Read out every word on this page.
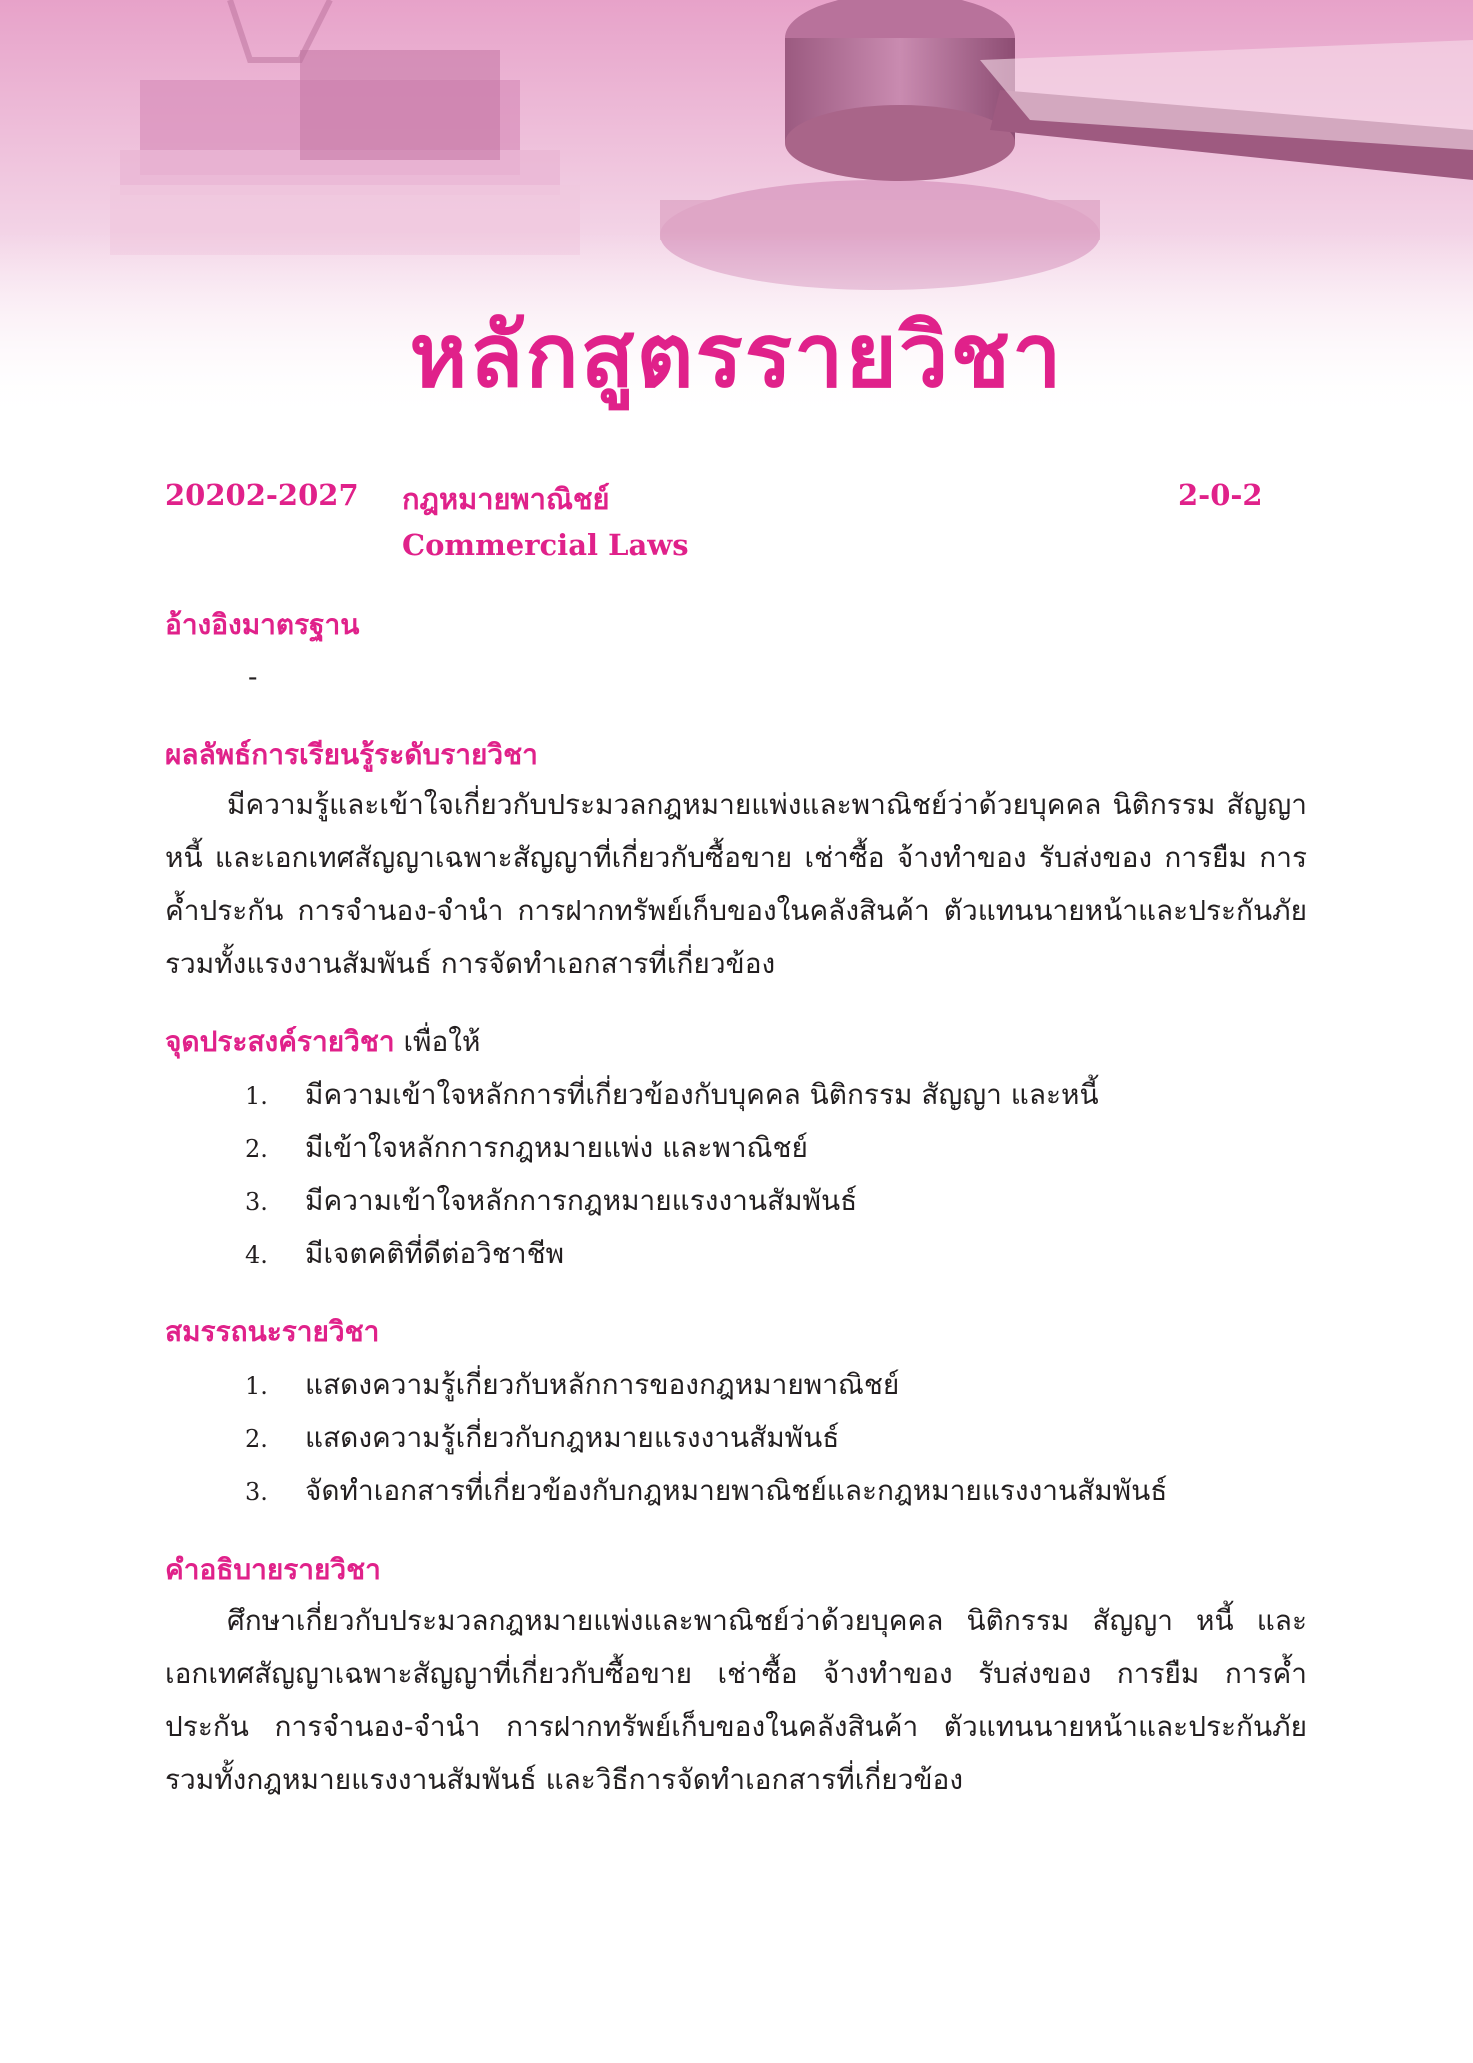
หลักสูตรรายวิชา
20202-2027 กฎหมายพาณิชย์	2-0-2
Commercial Laws
อ้างอิงมาตรฐาน
-
ผลลัพธ์การเรียนรู้ระดับรายวิชา

มีความรู้และเข้าใจเกี่ยวกับประมวลกฎหมายแพ่งและพาณิชย์ว่าด้วยบุคคล นิติกรรม สัญญา หนี้ และเอกเทศสัญญาเฉพาะสัญญาที่เกี่ยวกับซื้อขาย เช่าซื้อ จ้างทำของ รับส่งของ การยืม การค้ำประกัน การจำนอง-จำนำ การฝากทรัพย์เก็บของในคลังสินค้า ตัวแทนนายหน้าและประกันภัย รวมทั้งแรงงานสัมพันธ์ การจัดทำเอกสารที่เกี่ยวข้อง

จุดประสงค์รายวิชา เพื่อให้
1. มีความเข้าใจหลักการที่เกี่ยวข้องกับบุคคล นิติกรรม สัญญา และหนี้
2. มีเข้าใจหลักการกฎหมายแพ่ง และพาณิชย์
3. มีความเข้าใจหลักการกฎหมายแรงงานสัมพันธ์
4. มีเจตคติที่ดีต่อวิชาชีพ
สมรรถนะรายวิชา
1. แสดงความรู้เกี่ยวกับหลักการของกฎหมายพาณิชย์
2. แสดงความรู้เกี่ยวกับกฎหมายแรงงานสัมพันธ์
3. จัดทำเอกสารที่เกี่ยวข้องกับกฎหมายพาณิชย์และกฎหมายแรงงานสัมพันธ์
คำอธิบายรายวิชา

ศึกษาเกี่ยวกับประมวลกฎหมายแพ่งและพาณิชย์ว่าด้วยบุคคล นิติกรรม สัญญา หนี้ และเอกเทศสัญญาเฉพาะสัญญาที่เกี่ยวกับซื้อขาย เช่าซื้อ จ้างทำของ รับส่งของ การยืม การค้ำประกัน การจำนอง-จำนำ การฝากทรัพย์เก็บของในคลังสินค้า ตัวแทนนายหน้าและประกันภัย รวมทั้งกฎหมายแรงงานสัมพันธ์ และวิธีการจัดทำเอกสารที่เกี่ยวข้อง
